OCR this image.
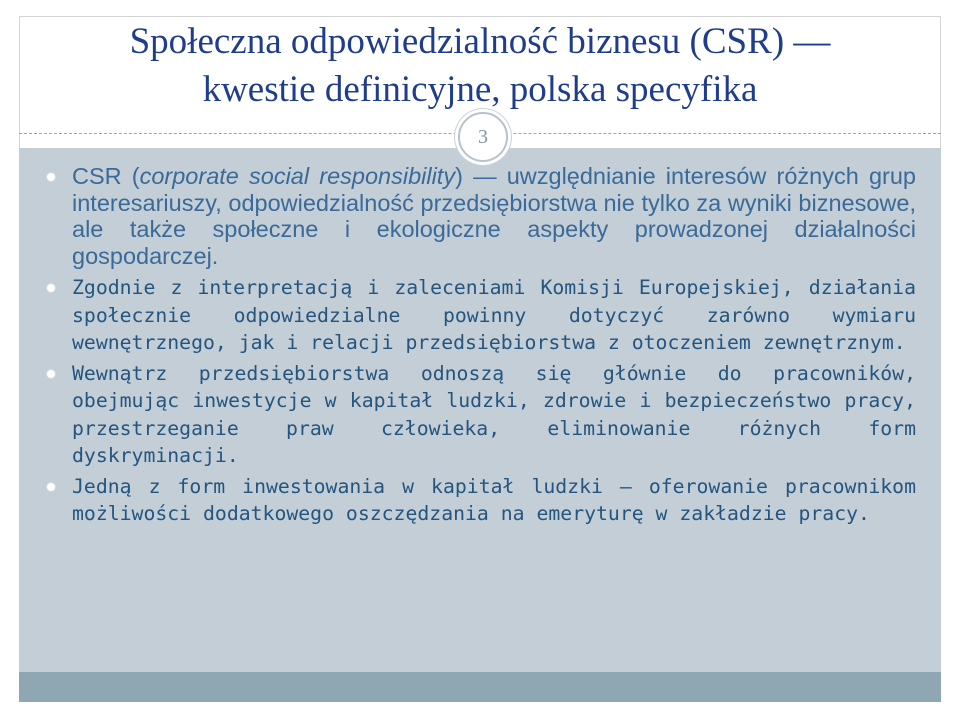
Społeczna odpowiedzialność biznesu (CSR) —
kwestie definicyjne, polska specyfika
3
CSR (corporate social responsibility) — uwzględnianie interesów różnych grup interesariuszy, odpowiedzialność przedsiębiorstwa nie tylko za wyniki biznesowe, ale także społeczne i ekologiczne aspekty prowadzonej działalności gospodarczej.
Zgodnie z interpretacją i zaleceniami Komisji Europejskiej, działania społecznie odpowiedzialne powinny dotyczyć zarówno wymiaru wewnętrznego, jak i relacji przedsiębiorstwa z otoczeniem zewnętrznym.
Wewnątrz przedsiębiorstwa odnoszą się głównie do pracowników, obejmując inwestycje w kapitał ludzki, zdrowie i bezpieczeństwo pracy, przestrzeganie praw człowieka, eliminowanie różnych form dyskryminacji.
Jedną z form inwestowania w kapitał ludzki — oferowanie pracownikom możliwości dodatkowego oszczędzania na emeryturę w zakładzie pracy.
